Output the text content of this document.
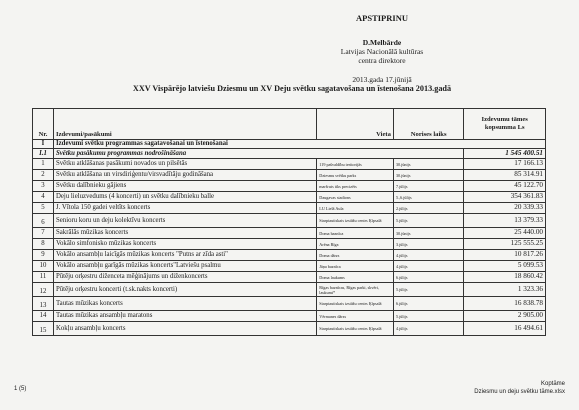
APSTIPRINU
D.Melbārde
Latvijas Nacionālā kultūras
centra direktore
2013.gada 17.jūnijā
XXV Vispārējo latviešu Dziesmu un XV Deju svētku sagatavošana un īstenošana 2013.gadā
Nr.	Izdevumi/pasākumi	Vieta	Norises laiks	Izdevumu tāmes kopsumma Ls
I	Izdevumi svētku programmas sagatavošanai un īstenošanai			
I.1	Svētku pasākumu programmas nodrošināšana			1 545 400.51
1	Svētku atklāšanas pasākumi novados un pilsētās	119 pašvaldību teritorijās	30.jūnijs	17 166.13
2	Svētku atklāšana un virsdiriģentu/virsvadītāju godināšana	Dziesmu svētku parks	30.jūnijs	85 314.91
3	Svētku dalībnieku gājiens	maršruts tiks precizēts	7.jūlijs	45 122.70
4	Deju lieluzvedums (4 koncerti) un svētku dalībnieku balle	Daugavas stadions	5.,6.jūlijs	354 361.83
5	J. Vītola 150 gadei veltīts koncerts	LU Lielā Aula	2.jūlijs	20 339.33
6	Senioru koru un deju kolektīvu koncerts	Starptautiskais izstāžu centrs Ķīpsalā	5.jūlijs	13 379.33
7	Sakrālās mūzikas koncerts	Doma baznīca	30.jūnijs	25 440.00
8	Vokālo simfonisko mūzikas koncerts	Arēna Rīga	3.jūlijs	125 555.25
9	Vokālo ansambļu laicīgās mūzikas koncerts "Putns ar zīda asti"	Doma dārzs	4.jūlijs	10 817.26
10	Vokālo ansambļu garīgās mūzikas koncerts"Latviešu psalmu	Jāņa baznīca	4.jūlijs	5 099.53
11	Pūtēju orķestru diženceta mēģinājums un diženkoncerts	Doma laukums	6.jūlijs	18 860.42
12	Pūtēju orķestru koncerti (t.sk.nakts koncerti)	Rīgas baznīcas, Rīgas parki, skvēri, laukumi*	5.jūlijs	1 323.36
13	Tautas mūzikas koncerts	Starptautiskais izstāžu centrs Ķīpsalā	6.jūlijs	16 838.78
14	Tautas mūzikas ansambļu maratons	Vērmanes dārzs	5.jūlijs	2 905.00
15	Kokļu ansambļu koncerts	Starptautiskais izstāžu centrs Ķīpsalā	4.jūlijs	16 494.61
1 (5)
Koptāme
Dziesmu un deju svētku tāme.xlsx
